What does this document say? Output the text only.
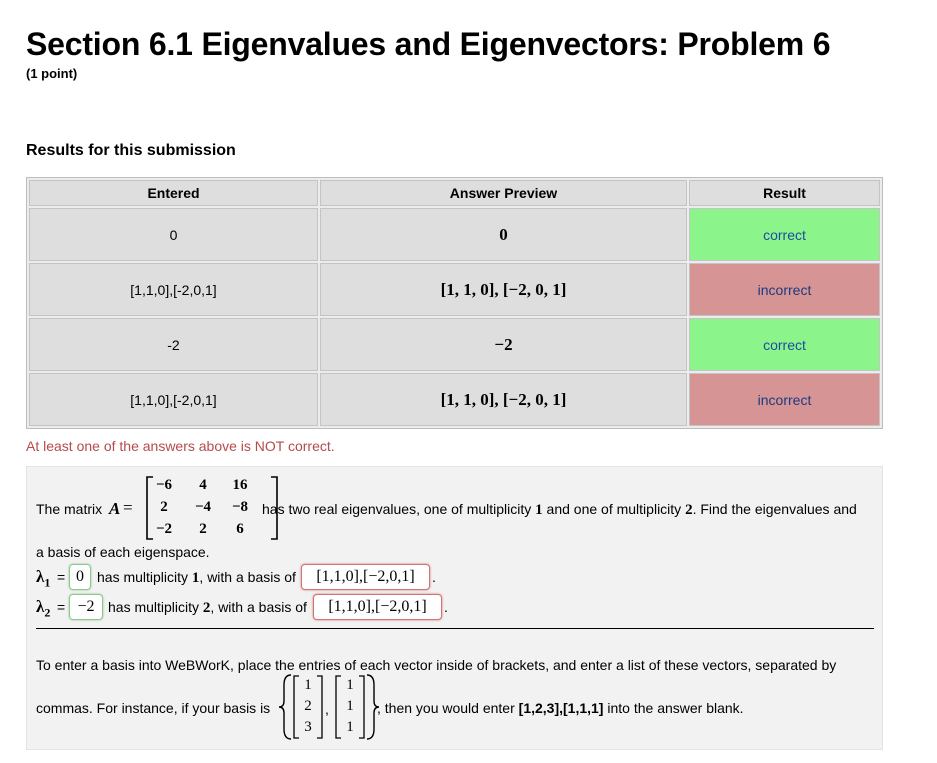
Section 6.1 Eigenvalues and Eigenvectors: Problem 6
(1 point)
Results for this submission
Entered	Answer Preview	Result
0	0	correct
[1,1,0],[-2,0,1]	[1, 1, 0], [−2, 0, 1]	incorrect
-2	−2	correct
[1,1,0],[-2,0,1]	[1, 1, 0], [−2, 0, 1]	incorrect
At least one of the answers above is NOT correct.
The matrix A =
−6	4	16
2	−4	−8
−2	2	6
has two real eigenvalues, one of multiplicity 1 and one of multiplicity 2. Find the eigenvalues and
a basis of each eigenspace.
$\lambda_1 = 0$ has multiplicity 1, with a basis of	[1,1,0],[−2,0,1]	.
$\lambda_2 = -2$ has multiplicity 2, with a basis of	[1,1,0],[−2,0,1]	.
To enter a basis into WeBWorK, place the entries of each vector inside of brackets, and enter a list of these vectors, separated by
commas. For instance, if your basis is
1
2
3
,
1
1
1
, then you would enter [1,2,3],[1,1,1] into the answer blank.
